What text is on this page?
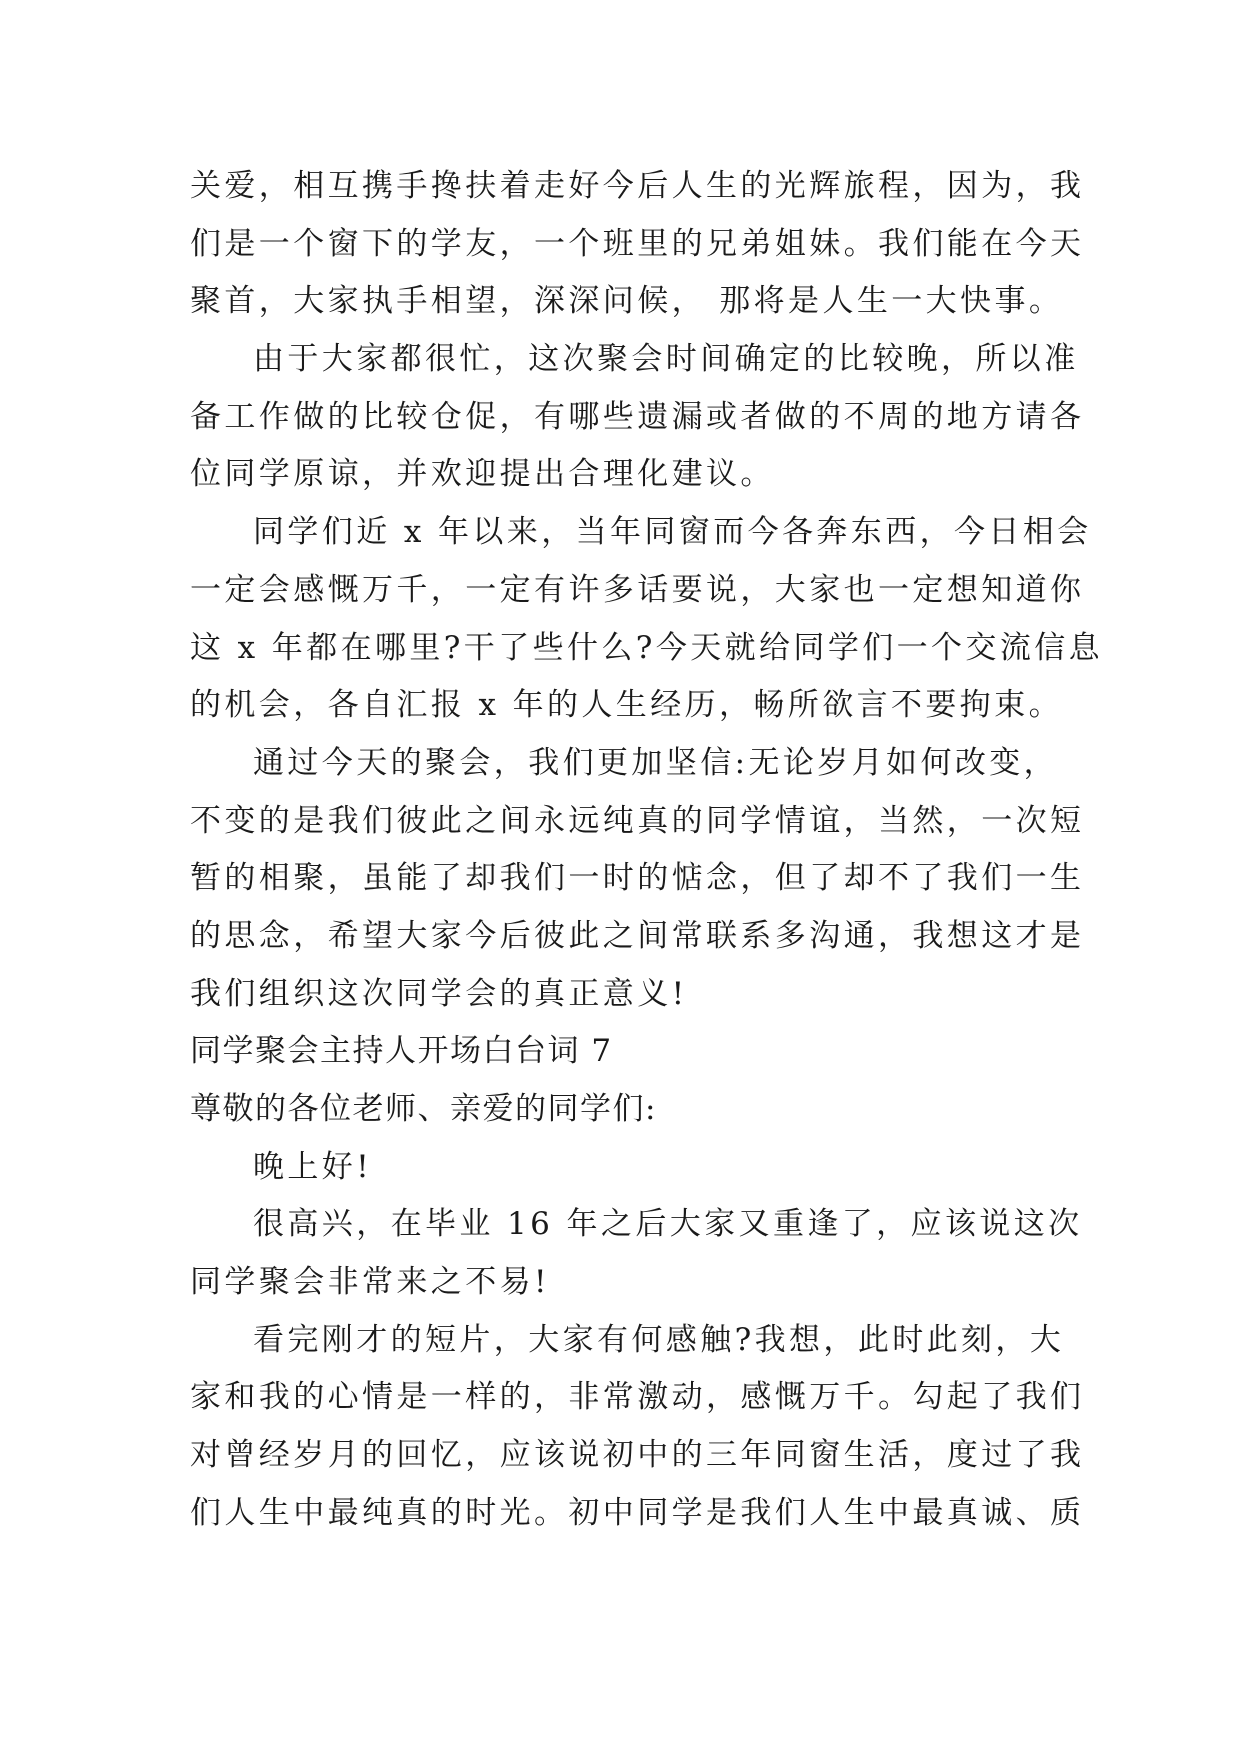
关爱，相互携手搀扶着走好今后人生的光辉旅程，因为，我
们是一个窗下的学友，一个班里的兄弟姐妹。我们能在今天
聚首，大家执手相望，深深问候， 那将是人生一大快事。
由于大家都很忙，这次聚会时间确定的比较晚，所以准
备工作做的比较仓促，有哪些遗漏或者做的不周的地方请各
位同学原谅，并欢迎提出合理化建议。
同学们近 x 年以来，当年同窗而今各奔东西，今日相会
一定会感慨万千，一定有许多话要说，大家也一定想知道你
这 x 年都在哪里?干了些什么?今天就给同学们一个交流信息
的机会，各自汇报 x 年的人生经历，畅所欲言不要拘束。
通过今天的聚会，我们更加坚信:无论岁月如何改变，
不变的是我们彼此之间永远纯真的同学情谊，当然，一次短
暂的相聚，虽能了却我们一时的惦念，但了却不了我们一生
的思念，希望大家今后彼此之间常联系多沟通，我想这才是
我们组织这次同学会的真正意义!
同学聚会主持人开场白台词 7
尊敬的各位老师、亲爱的同学们:
晚上好!
很高兴，在毕业 16 年之后大家又重逢了，应该说这次
同学聚会非常来之不易!
看完刚才的短片，大家有何感触?我想，此时此刻，大
家和我的心情是一样的，非常激动，感慨万千。勾起了我们
对曾经岁月的回忆，应该说初中的三年同窗生活，度过了我
们人生中最纯真的时光。初中同学是我们人生中最真诚、质
